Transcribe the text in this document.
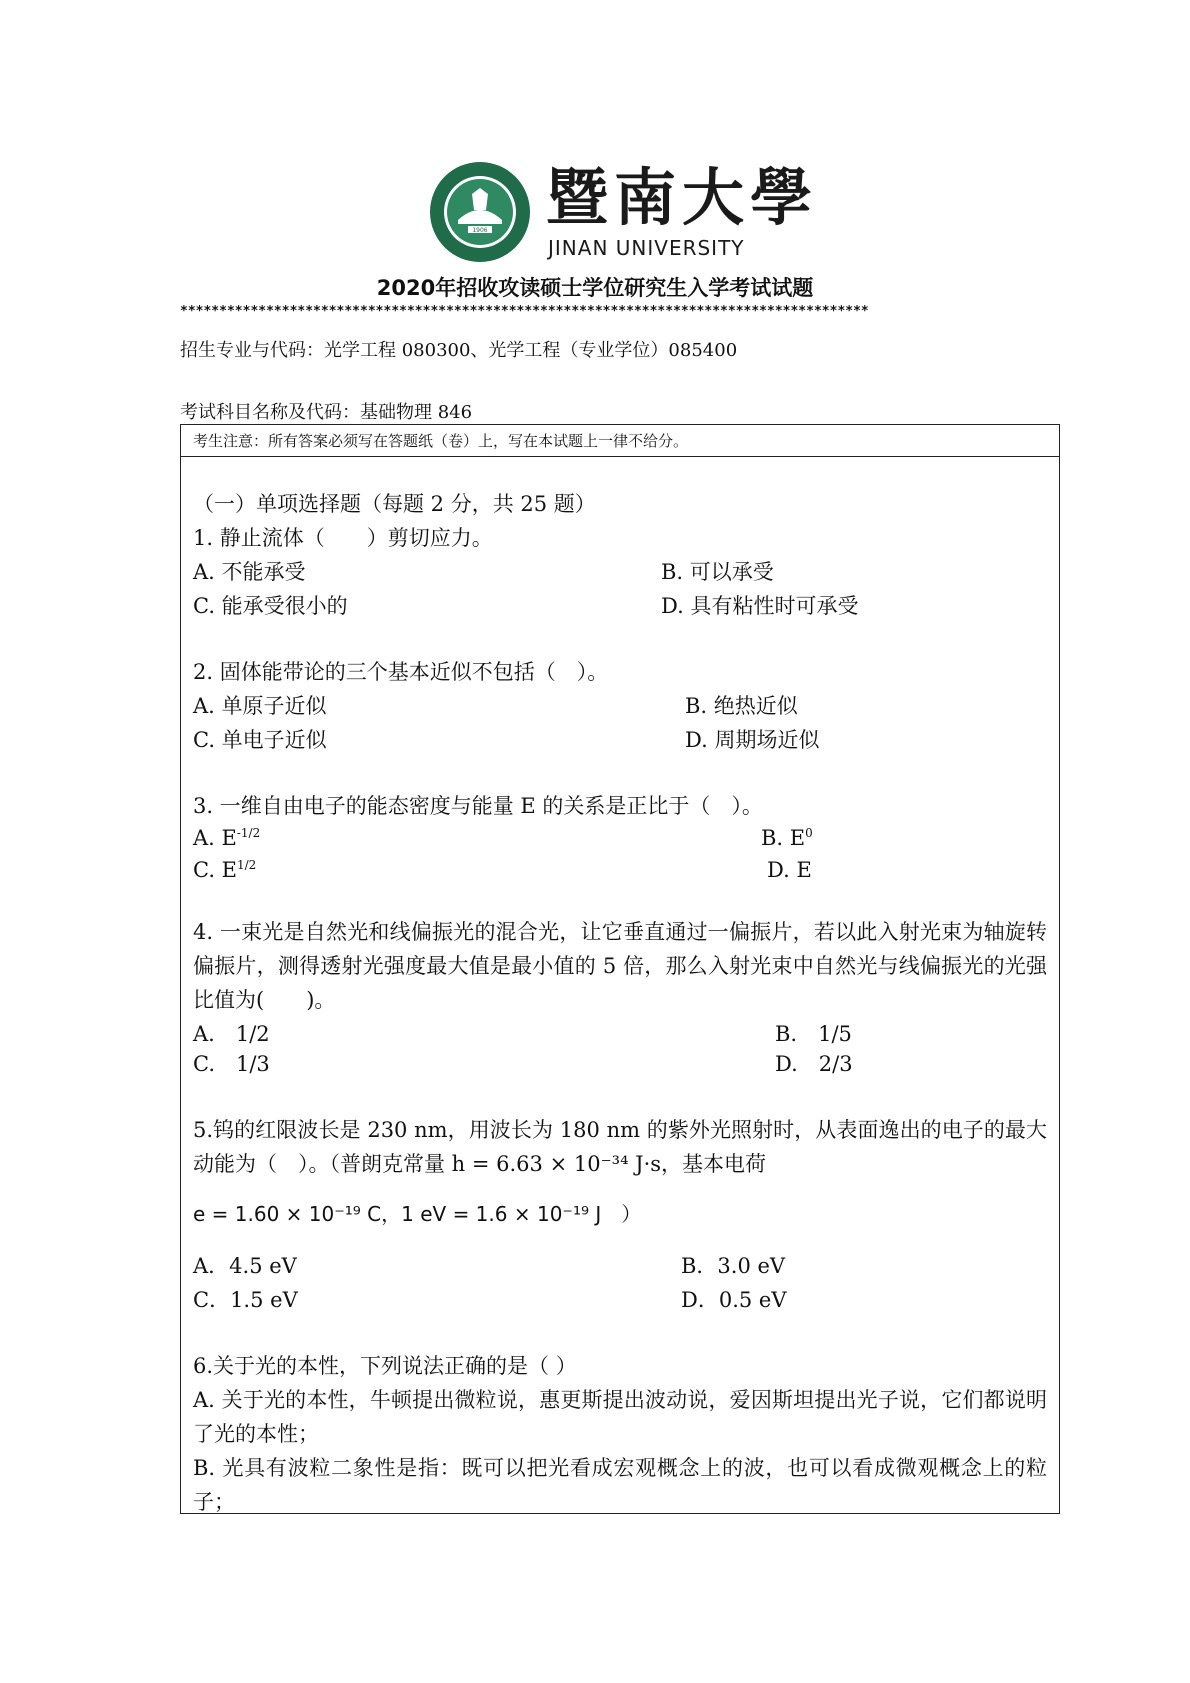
1906 暨南大學
JINAN UNIVERSITY
2020年招收攻读硕士学位研究生入学考试试题
****************************************************************************************
招生专业与代码：光学工程 080300、光学工程（专业学位）085400
考试科目名称及代码：基础物理 846
考生注意：所有答案必须写在答题纸（卷）上，写在本试题上一律不给分。
（一）单项选择题（每题 2 分，共 25 题）
1. 静止流体（　　）剪切应力。
A. 不能承受	B. 可以承受
C. 能承受很小的	D. 具有粘性时可承受
2. 固体能带论的三个基本近似不包括（　）。
A. 单原子近似	B. 绝热近似
C. 单电子近似	D. 周期场近似
3. 一维自由电子的能态密度与能量 E 的关系是正比于（　）。
A. $E^{-1/2}$	B. $E^0$
C. $E^{1/2}$	D. E
4. 一束光是自然光和线偏振光的混合光，让它垂直通过一偏振片，若以此入射光束为轴旋转偏振片，测得透射光强度最大值是最小值的 5 倍，那么入射光束中自然光与线偏振光的光强比值为(　　)。
A.　1/2	B.　1/5
C.　1/3	D.　2/3
5.钨的红限波长是 230 nm，用波长为 180 nm 的紫外光照射时，从表面逸出的电子的最大动能为（　）。（普朗克常量 h = 6.63 × 10⁻³⁴ J·s，基本电荷
e = 1.60 × 10⁻¹⁹ C，1 eV = 1.6 × 10⁻¹⁹ J　）
A．4.5 eV	B．3.0 eV
C．1.5 eV	D．0.5 eV
6.关于光的本性，下列说法正确的是（ ）
A. 关于光的本性，牛顿提出微粒说，惠更斯提出波动说，爱因斯坦提出光子说，它们都说明了光的本性；
B. 光具有波粒二象性是指：既可以把光看成宏观概念上的波，也可以看成微观概念上的粒子；
